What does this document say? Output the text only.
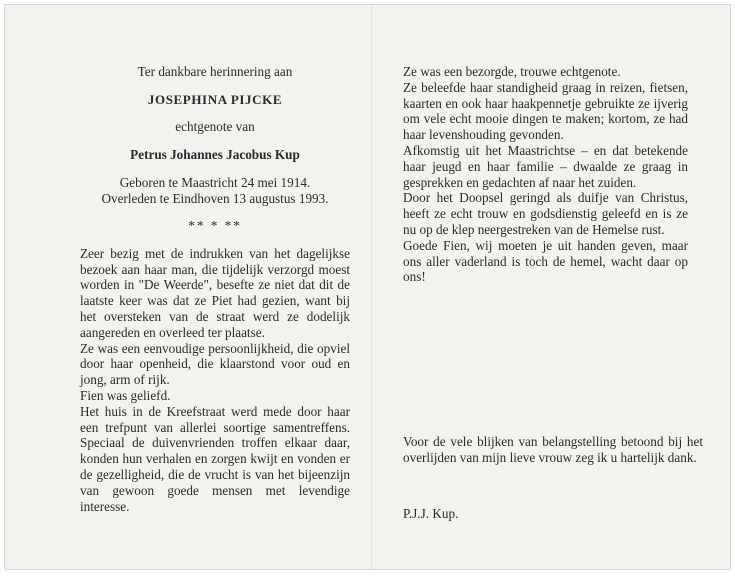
Ter dankbare herinnering aan

JOSEPHINA PIJCKE

echtgenote van

Petrus Johannes Jacobus Kup

Geboren te Maastricht 24 mei 1914.

Overleden te Eindhoven 13 augustus 1993.

** * **

Zeer bezig met de indrukken van het dagelijkse bezoek aan haar man, die tijdelijk verzorgd moest worden in "De Weerde", besefte ze niet dat dit de laatste keer was dat ze Piet had gezien, want bij het oversteken van de straat werd ze dodelijk aangereden en overleed ter plaatse.

Ze was een eenvoudige persoonlijkheid, die opviel door haar openheid, die klaarstond voor oud en jong, arm of rijk.

Fien was geliefd.

Het huis in de Kreefstraat werd mede door haar een trefpunt van allerlei soortige samentreffens. Speciaal de duivenvrienden troffen elkaar daar, konden hun verhalen en zorgen kwijt en vonden er de gezelligheid, die de vrucht is van het bijeenzijn van gewoon goede mensen met levendige interesse.

Ze was een bezorgde, trouwe echtgenote.

Ze beleefde haar standigheid graag in reizen, fietsen, kaarten en ook haar haakpennetje gebruikte ze ijverig om vele echt mooie dingen te maken; kortom, ze had haar levenshouding gevonden.

Afkomstig uit het Maastrichtse – en dat betekende haar jeugd en haar familie – dwaalde ze graag in gesprekken en gedachten af naar het zuiden.

Door het Doopsel geringd als duifje van Christus, heeft ze echt trouw en godsdienstig geleefd en is ze nu op de klep neergestreken van de Hemelse rust.

Goede Fien, wij moeten je uit handen geven, maar ons aller vaderland is toch de hemel, wacht daar op ons!

Voor de vele blijken van belangstelling betoond bij het overlijden van mijn lieve vrouw zeg ik u hartelijk dank.

P.J.J. Kup.
